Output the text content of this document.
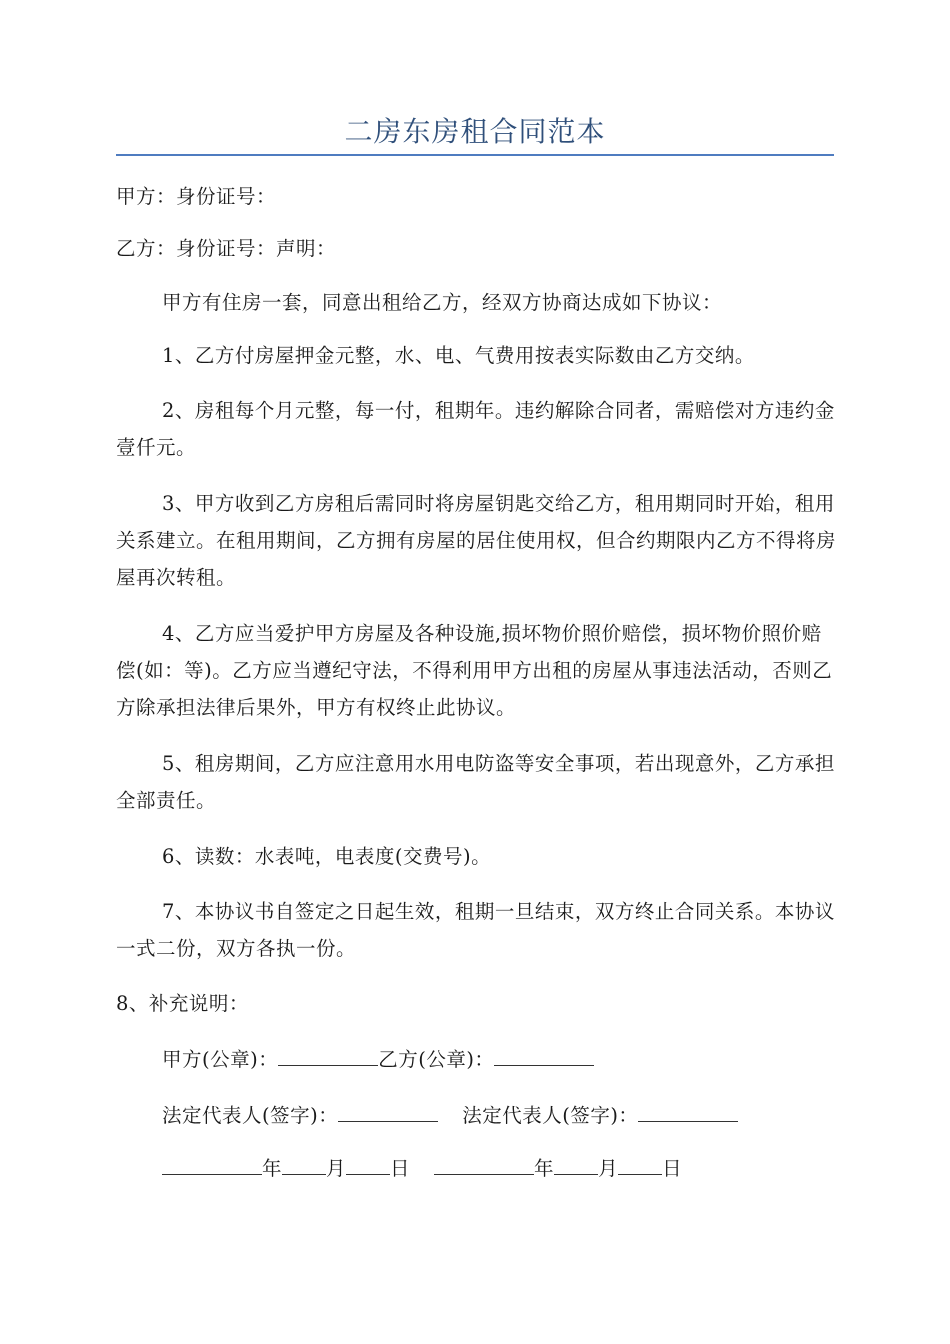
二房东房租合同范本

甲方：身份证号：

乙方：身份证号：声明：

甲方有住房一套，同意出租给乙方，经双方协商达成如下协议：

1、乙方付房屋押金元整，水、电、气费用按表实际数由乙方交纳。

2、房租每个月元整，每一付，租期年。违约解除合同者，需赔偿对方违约金壹仟元。

3、甲方收到乙方房租后需同时将房屋钥匙交给乙方，租用期同时开始，租用关系建立。在租用期间，乙方拥有房屋的居住使用权，但合约期限内乙方不得将房屋再次转租。

4、乙方应当爱护甲方房屋及各种设施,损坏物价照价赔偿，损坏物价照价赔偿(如：等)。乙方应当遵纪守法，不得利用甲方出租的房屋从事违法活动，否则乙方除承担法律后果外，甲方有权终止此协议。

5、租房期间，乙方应注意用水用电防盗等安全事项，若出现意外，乙方承担全部责任。

6、读数：水表吨，电表度(交费号)。

7、本协议书自签定之日起生效，租期一旦结束，双方终止合同关系。本协议一式二份，双方各执一份。

8、补充说明：

甲方(公章)：	乙方(公章)：
法定代表人(签字)：	法定代表人(签字)：
年 月 日	年 月 日
